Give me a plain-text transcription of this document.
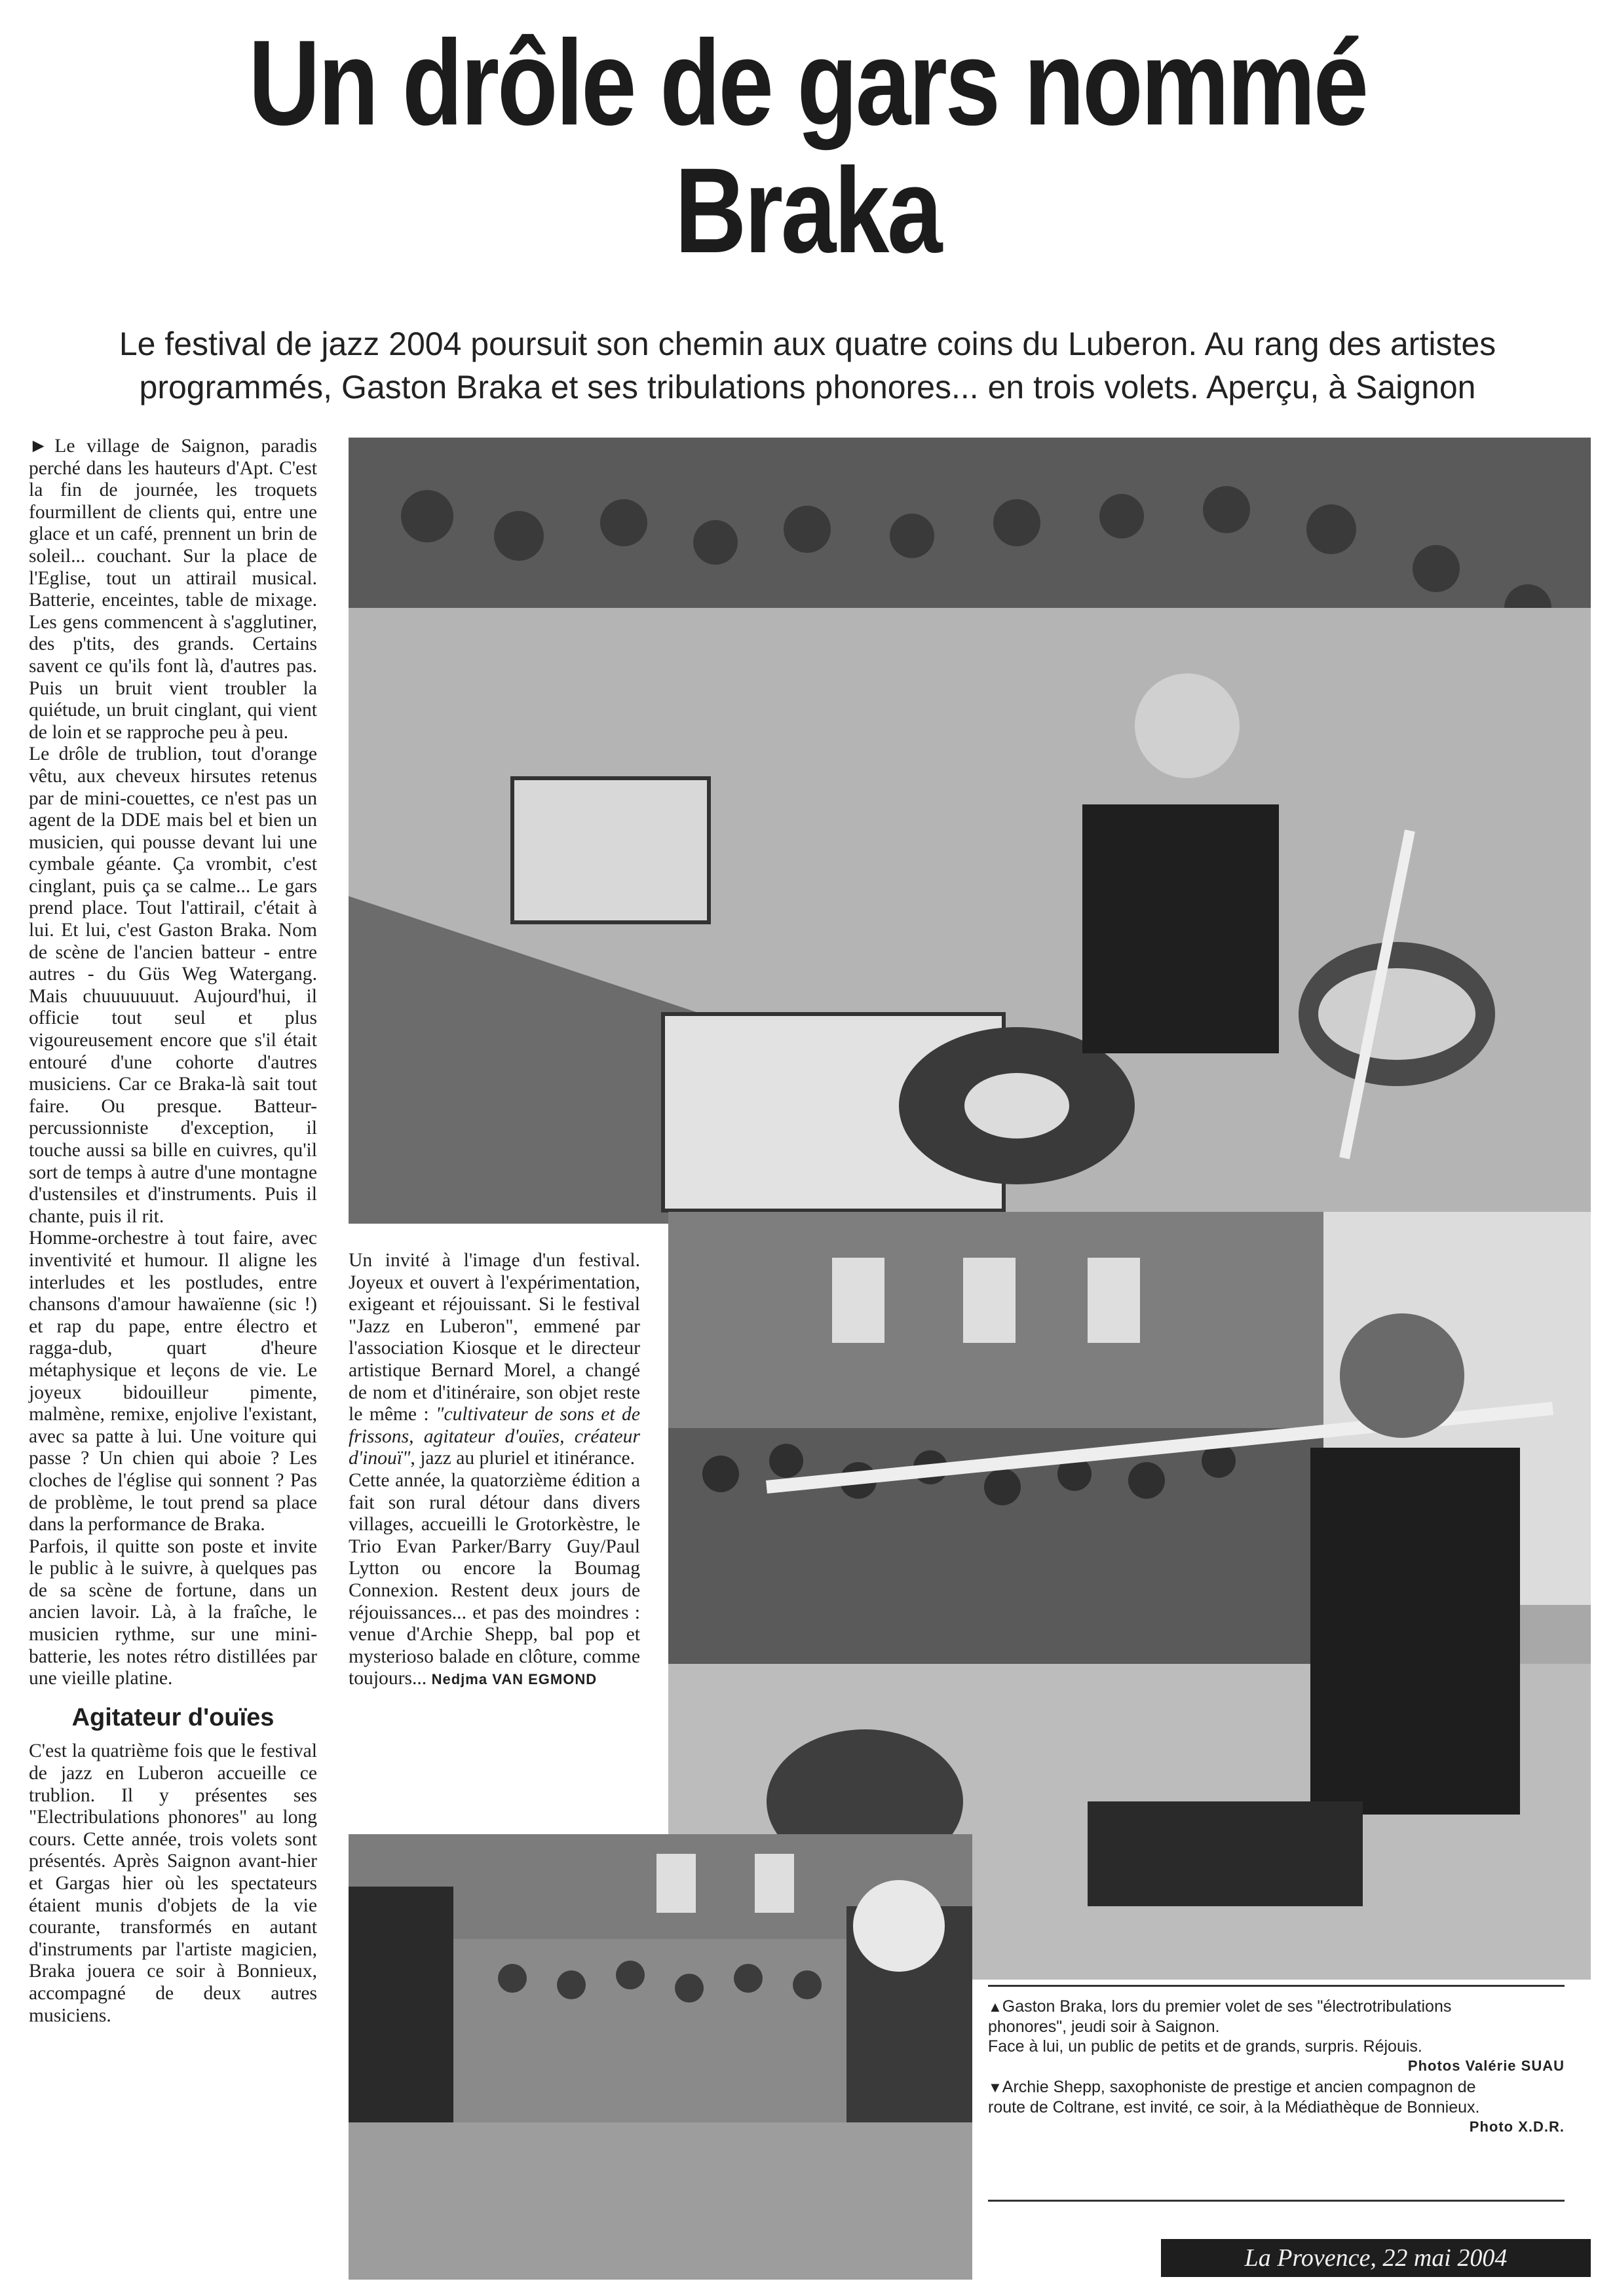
Un drôle de gars nommé
Braka
Le festival de jazz 2004 poursuit son chemin aux quatre coins du Luberon. Au rang des artistes
programmés, Gaston Braka et ses tribulations phonores... en trois volets. Aperçu, à Saignon

► Le village de Saignon, paradis perché dans les hauteurs d'Apt. C'est la fin de journée, les troquets fourmillent de clients qui, entre une glace et un café, prennent un brin de soleil... couchant. Sur la place de l'Eglise, tout un attirail musical. Batterie, enceintes, table de mixage. Les gens commencent à s'agglutiner, des p'tits, des grands. Certains savent ce qu'ils font là, d'autres pas. Puis un bruit vient troubler la quiétude, un bruit cinglant, qui vient de loin et se rapproche peu à peu.

Le drôle de trublion, tout d'orange vêtu, aux cheveux hirsutes retenus par de mini-couettes, ce n'est pas un agent de la DDE mais bel et bien un musicien, qui pousse devant lui une cymbale géante. Ça vrombit, c'est cinglant, puis ça se calme... Le gars prend place. Tout l'attirail, c'était à lui. Et lui, c'est Gaston Braka. Nom de scène de l'ancien batteur - entre autres - du Güs Weg Watergang. Mais chuuuuuuut. Aujourd'hui, il officie tout seul et plus vigoureusement encore que s'il était entouré d'une cohorte d'autres musiciens. Car ce Braka-là sait tout faire. Ou presque. Batteur-percussionniste d'exception, il touche aussi sa bille en cuivres, qu'il sort de temps à autre d'une montagne d'ustensiles et d'instruments. Puis il chante, puis il rit.

Homme-orchestre à tout faire, avec inventivité et humour. Il aligne les interludes et les postludes, entre chansons d'amour hawaïenne (sic !) et rap du pape, entre électro et ragga-dub, quart d'heure métaphysique et leçons de vie. Le joyeux bidouilleur pimente, malmène, remixe, enjolive l'existant, avec sa patte à lui. Une voiture qui passe ? Un chien qui aboie ? Les cloches de l'église qui sonnent ? Pas de problème, le tout prend sa place dans la performance de Braka.

Parfois, il quitte son poste et invite le public à le suivre, à quelques pas de sa scène de fortune, dans un ancien lavoir. Là, à la fraîche, le musicien rythme, sur une mini-batterie, les notes rétro distillées par une vieille platine.

Agitateur d'ouïes

C'est la quatrième fois que le festival de jazz en Luberon accueille ce trublion. Il y présentes ses "Electribulations phonores" au long cours. Cette année, trois volets sont présentés. Après Saignon avant-hier et Gargas hier où les spectateurs étaient munis d'objets de la vie courante, transformés en autant d'instruments par l'artiste magicien, Braka jouera ce soir à Bonnieux, accompagné de deux autres musiciens.

Un invité à l'image d'un festival. Joyeux et ouvert à l'expérimentation, exigeant et réjouissant. Si le festival "Jazz en Luberon", emmené par l'association Kiosque et le directeur artistique Bernard Morel, a changé de nom et d'itinéraire, son objet reste le même : "cultivateur de sons et de frissons, agitateur d'ouïes, créateur d'inouï", jazz au pluriel et itinérance.

Cette année, la quatorzième édition a fait son rural détour dans divers villages, accueilli le Grotorkèstre, le Trio Evan Parker/Barry Guy/Paul Lytton ou encore la Boumag Connexion. Restent deux jours de réjouissances... et pas des moindres : venue d'Archie Shepp, bal pop et mysterioso balade en clôture, comme toujours... Nedjma VAN EGMOND

▲Gaston Braka, lors du premier volet de ses "électrotribulations
phonores", jeudi soir à Saignon.
Face à lui, un public de petits et de grands, surpris. Réjouis.
Photos Valérie SUAU
▼Archie Shepp, saxophoniste de prestige et ancien compagnon de
route de Coltrane, est invité, ce soir, à la Médiathèque de Bonnieux.
Photo X.D.R.
La Provence, 22 mai 2004
